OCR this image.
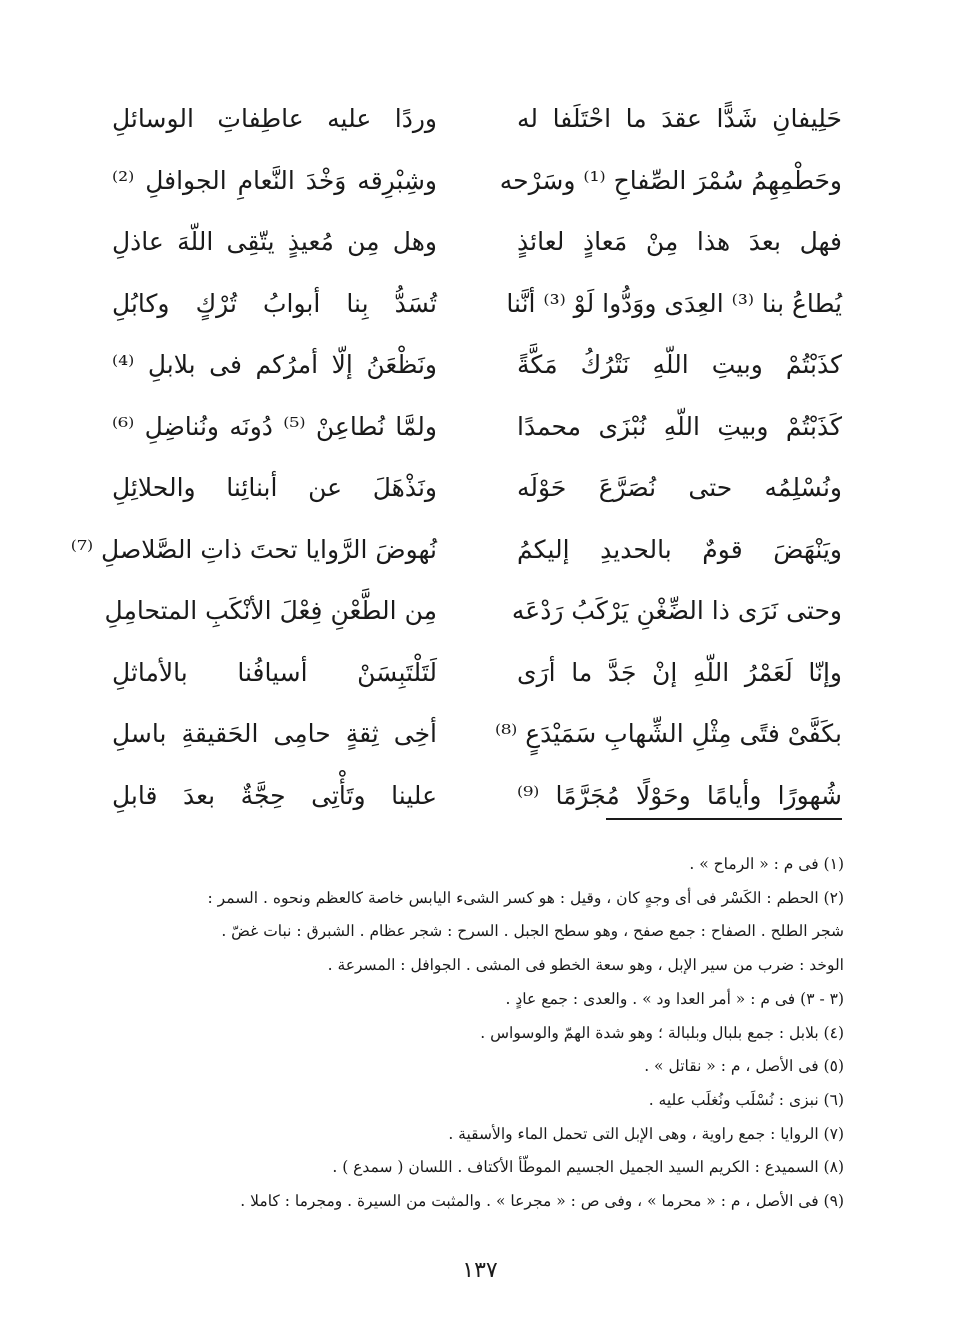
حَلِيفانِ شَدًّا عقدَ ما احْتَلَفا له
وردًا عليه عاطِفاتِ الوسائلِ
وحَطْمِهِمُ سُمْرَ الصِّفاحِ ⁽¹⁾ وسَرْحه
وشِبْرِقه وَخْدَ النَّعامِ الجوافلِ ⁽²⁾
فهل بعدَ هذا مِنْ مَعاذٍ لعائذٍ
وهل مِن مُعيذٍ يتّقِى اللّهَ عاذلِ
يُطاعُ بنا ⁽³⁾ العِدَى ووَدُّوا لَوْ ⁽³⁾ أنَّنا
تُسَدُّ بِنا أبوابُ تُرْكٍ وكابُلِ
كذَبْتُمْ وبيتِ اللّهِ نَتْرُكُ مَكَّةً
ونَظْعَنُ إلّا أمرُكم فى بلابلِ ⁽⁴⁾
كَذَبْتُمْ وبيتِ اللّهِ نُبْزَى محمدًا
ولمَّا نُطاعِنْ ⁽⁵⁾ دُونَه ونُناضِلِ ⁽⁶⁾
ونُسْلِمُه حتى نُصَرَّعَ حَوْلَه
ونَذْهَلَ عن أبنائِنا والحلائِلِ
ويَنْهَضَ قومٌ بالحديدِ إليكمُ
نُهوضَ الرَّوايا تحتَ ذاتِ الصَّلاصلِ ⁽⁷⁾
وحتى نَرَى ذا الضِّغْنِ يَرْكَبُ رَدْعَه
مِن الطَّعْنِ فِعْلَ الأنْكَبِ المتحامِلِ
وإنّا لَعَمْرُ اللّهِ إنْ جَدَّ ما أرَى
لَتَلْتَبِسَنْ أسيافُنا بالأماثلِ
بكَفَّىْ فتًى مِثْلِ الشِّهابِ سَمَيْدَعٍ ⁽⁸⁾
أخِى ثِقةٍ حامِى الحَقيقةِ باسلِ
شُهورًا وأيامًا وحَوْلًا مُجَرَّمًا ⁽⁹⁾
علينا وتَأْتِى حِجَّةٌ بعدَ قابلِ
(١) فى م : « الرماح » .
(٢) الحطم : الكَسْر فى أى وجهٍ كان ، وقيل : هو كسر الشىء اليابس خاصة كالعظم ونحوه . السمر :
شجر الطلح . الصفاح : جمع صفح ، وهو سطح الجبل . السرح : شجر عظام . الشبرق : نبات غضّ .
الوخد : ضرب من سير الإبل ، وهو سعة الخطو فى المشى . الجوافل : المسرعة .
(٣ - ٣) فى م : « أمر العدا ود » . والعدى : جمع عادٍ .
(٤) بلابل : جمع بلبال وبلبالة ؛ وهو شدة الهمّ والوسواس .
(٥) فى الأصل ، م : « نقاتل » .
(٦) نبزى : نُسْلَب ونُغلَب عليه .
(٧) الروايا : جمع راوية ، وهى الإبل التى تحمل الماء والأسقية .
(٨) السميدع : الكريم السيد الجميل الجسيم الموطّأ الأكتاف . اللسان ( سمدع ) .
(٩) فى الأصل ، م : « محرما » ، وفى ص : « مجرعا » . والمثبت من السيرة . ومجرما : كاملا .
١٣٧
